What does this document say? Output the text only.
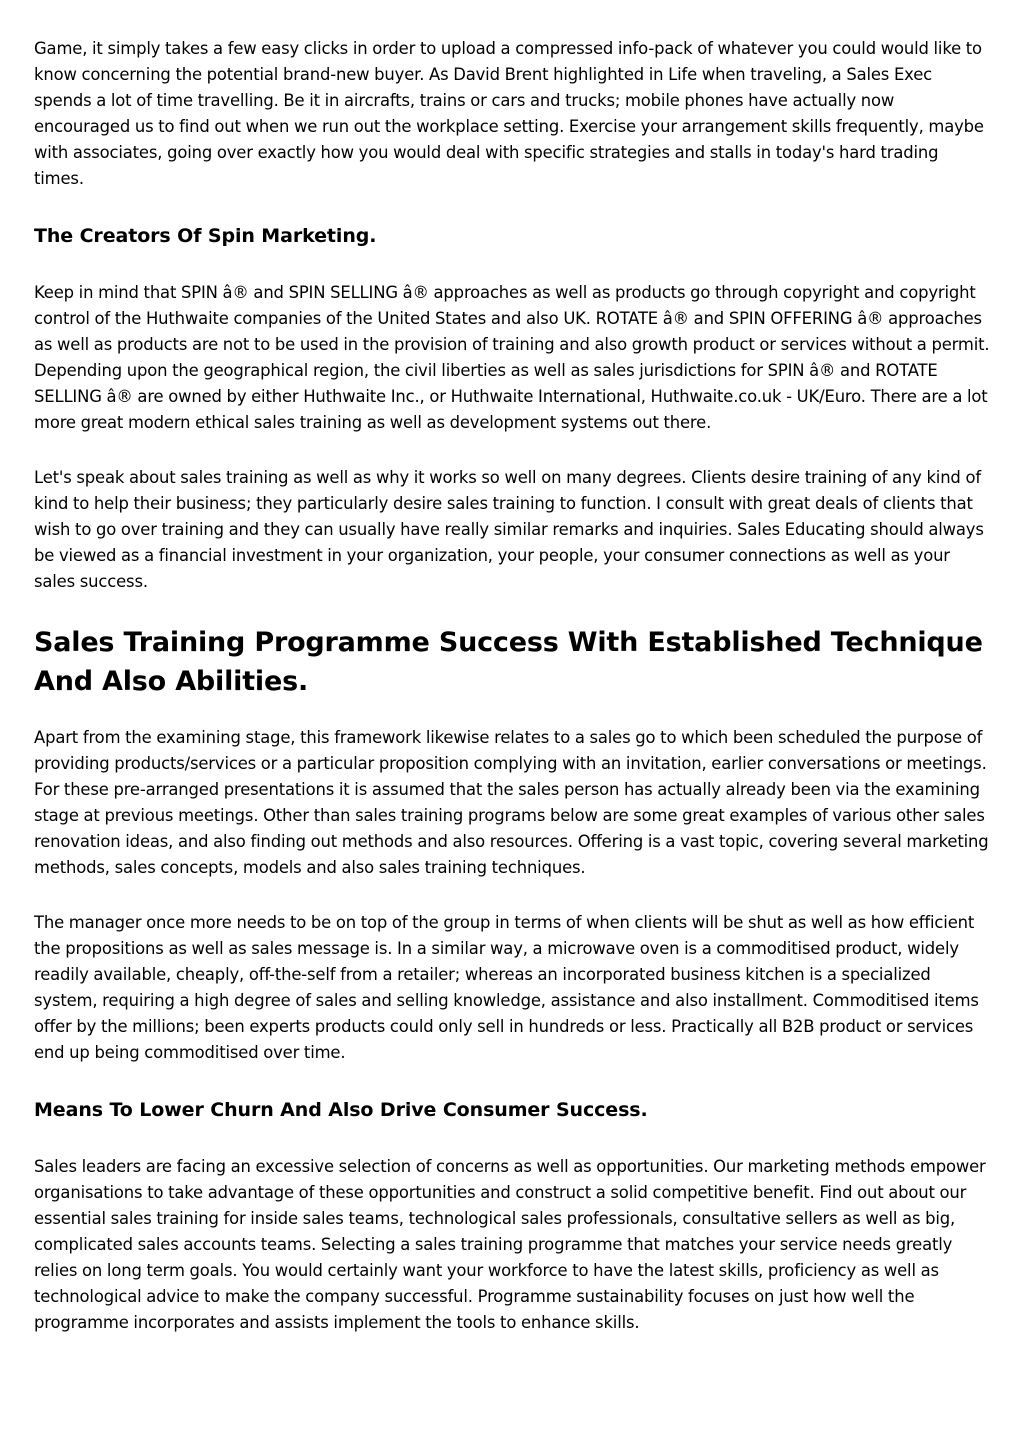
Game, it simply takes a few easy clicks in order to upload a compressed info-pack of whatever you could would like to know concerning the potential brand-new buyer. As David Brent highlighted in Life when traveling, a Sales Exec spends a lot of time travelling. Be it in aircrafts, trains or cars and trucks; mobile phones have actually now encouraged us to find out when we run out the workplace setting. Exercise your arrangement skills frequently, maybe with associates, going over exactly how you would deal with specific strategies and stalls in today's hard trading times.

The Creators Of Spin Marketing.

Keep in mind that SPIN â® and SPIN SELLING â® approaches as well as products go through copyright and copyright control of the Huthwaite companies of the United States and also UK. ROTATE â® and SPIN OFFERING â® approaches as well as products are not to be used in the provision of training and also growth product or services without a permit. Depending upon the geographical region, the civil liberties as well as sales jurisdictions for SPIN â® and ROTATE SELLING â® are owned by either Huthwaite Inc., or Huthwaite International, Huthwaite.co.uk - UK/Euro. There are a lot more great modern ethical sales training as well as development systems out there.

Let's speak about sales training as well as why it works so well on many degrees. Clients desire training of any kind of kind to help their business; they particularly desire sales training to function. I consult with great deals of clients that wish to go over training and they can usually have really similar remarks and inquiries. Sales Educating should always be viewed as a financial investment in your organization, your people, your consumer connections as well as your sales success.

Sales Training Programme Success With Established Technique And Also Abilities.

Apart from the examining stage, this framework likewise relates to a sales go to which been scheduled the purpose of providing products/services or a particular proposition complying with an invitation, earlier conversations or meetings. For these pre-arranged presentations it is assumed that the sales person has actually already been via the examining stage at previous meetings. Other than sales training programs below are some great examples of various other sales renovation ideas, and also finding out methods and also resources. Offering is a vast topic, covering several marketing methods, sales concepts, models and also sales training techniques.

The manager once more needs to be on top of the group in terms of when clients will be shut as well as how efficient the propositions as well as sales message is. In a similar way, a microwave oven is a commoditised product, widely readily available, cheaply, off-the-self from a retailer; whereas an incorporated business kitchen is a specialized system, requiring a high degree of sales and selling knowledge, assistance and also installment. Commoditised items offer by the millions; been experts products could only sell in hundreds or less. Practically all B2B product or services end up being commoditised over time.

Means To Lower Churn And Also Drive Consumer Success.

Sales leaders are facing an excessive selection of concerns as well as opportunities. Our marketing methods empower organisations to take advantage of these opportunities and construct a solid competitive benefit. Find out about our essential sales training for inside sales teams, technological sales professionals, consultative sellers as well as big, complicated sales accounts teams. Selecting a sales training programme that matches your service needs greatly relies on long term goals. You would certainly want your workforce to have the latest skills, proficiency as well as technological advice to make the company successful. Programme sustainability focuses on just how well the programme incorporates and assists implement the tools to enhance skills.
